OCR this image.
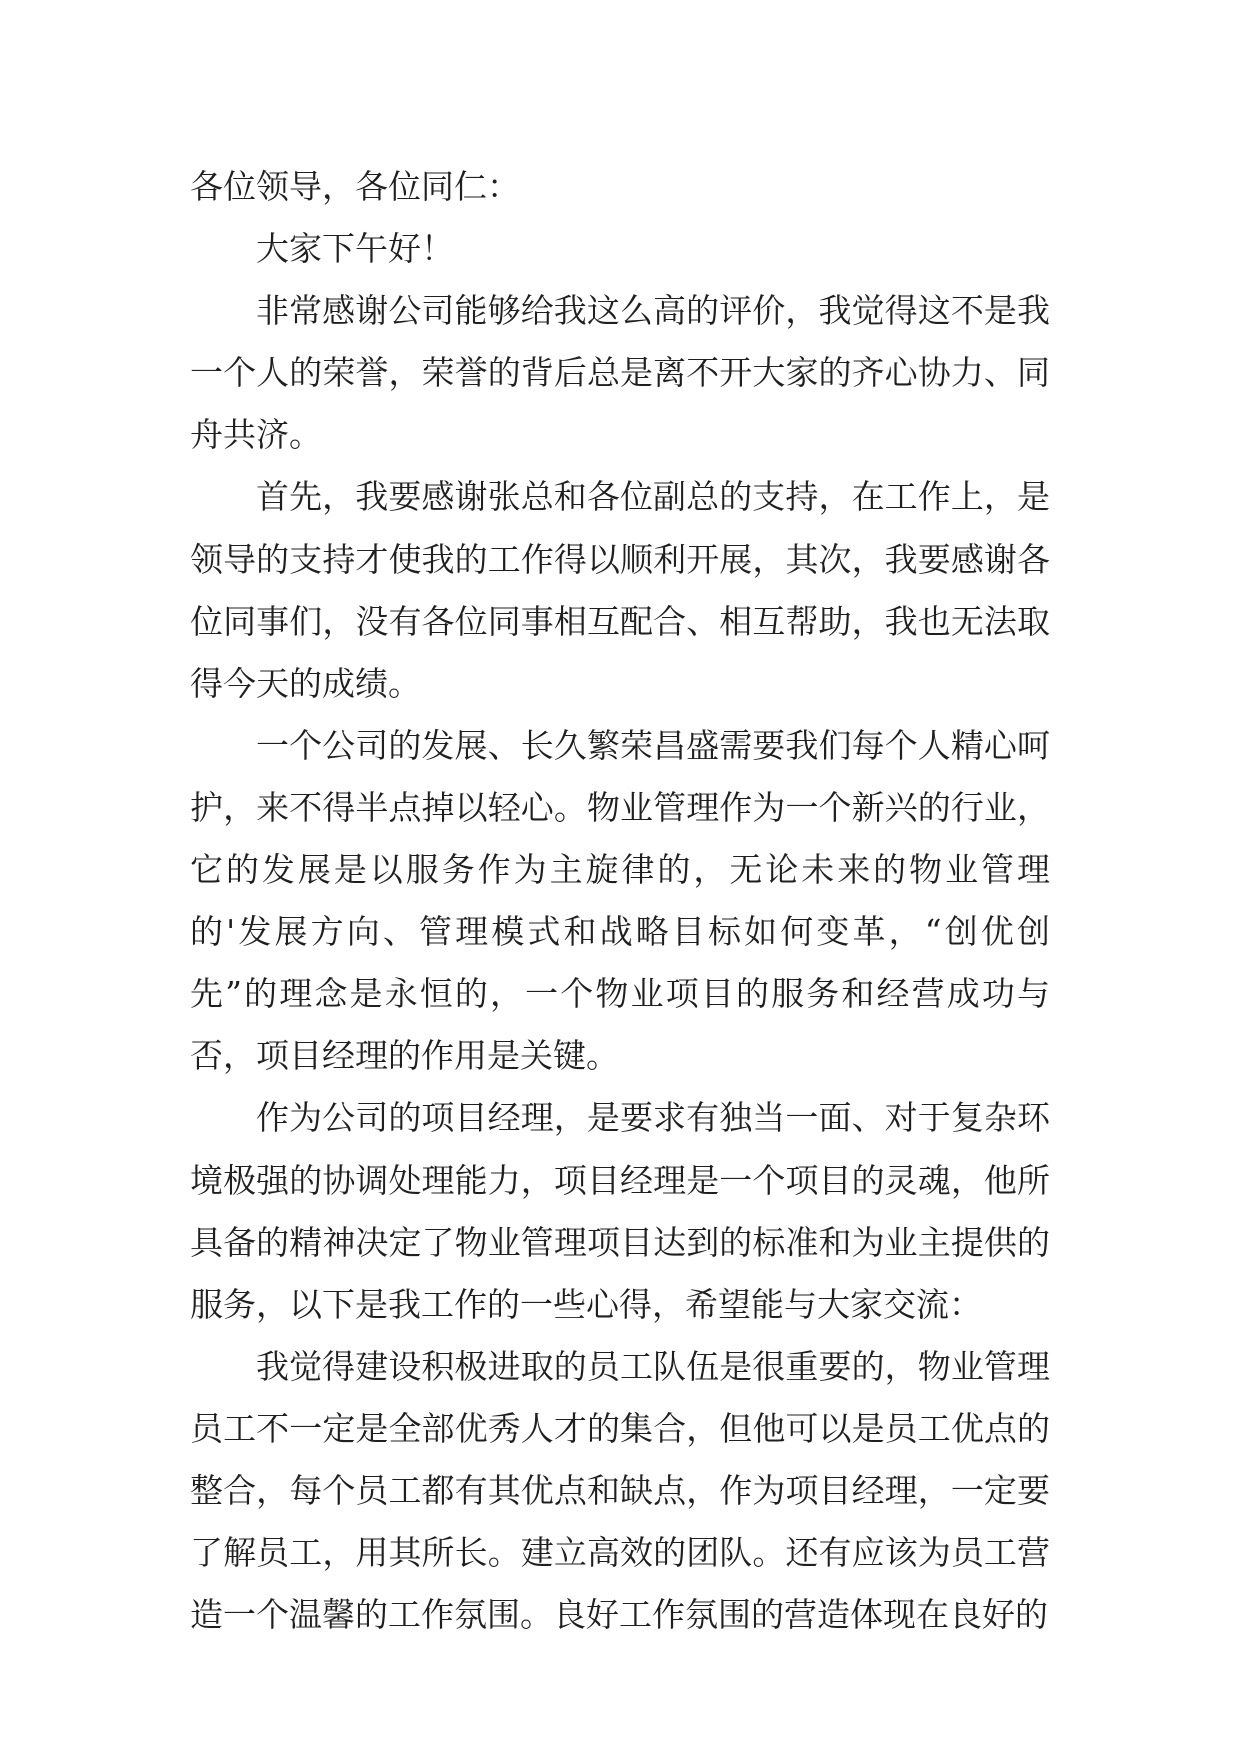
各位领导，各位同仁：

大家下午好！

非常感谢公司能够给我这么高的评价，我觉得这不是我一个人的荣誉，荣誉的背后总是离不开大家的齐心协力、同舟共济。

首先，我要感谢张总和各位副总的支持，在工作上，是领导的支持才使我的工作得以顺利开展，其次，我要感谢各位同事们，没有各位同事相互配合、相互帮助，我也无法取得今天的成绩。

一个公司的发展、长久繁荣昌盛需要我们每个人精心呵护，来不得半点掉以轻心。物业管理作为一个新兴的行业，它的发展是以服务作为主旋律的，无论未来的物业管理的'发展方向、管理模式和战略目标如何变革，“创优创先”的理念是永恒的，一个物业项目的服务和经营成功与否，项目经理的作用是关键。

作为公司的项目经理，是要求有独当一面、对于复杂环境极强的协调处理能力，项目经理是一个项目的灵魂，他所具备的精神决定了物业管理项目达到的标准和为业主提供的服务，以下是我工作的一些心得，希望能与大家交流：

我觉得建设积极进取的员工队伍是很重要的，物业管理员工不一定是全部优秀人才的集合，但他可以是员工优点的整合，每个员工都有其优点和缺点，作为项目经理，一定要了解员工，用其所长。建立高效的团队。还有应该为员工营造一个温馨的工作氛围。良好工作氛围的营造体现在良好的
